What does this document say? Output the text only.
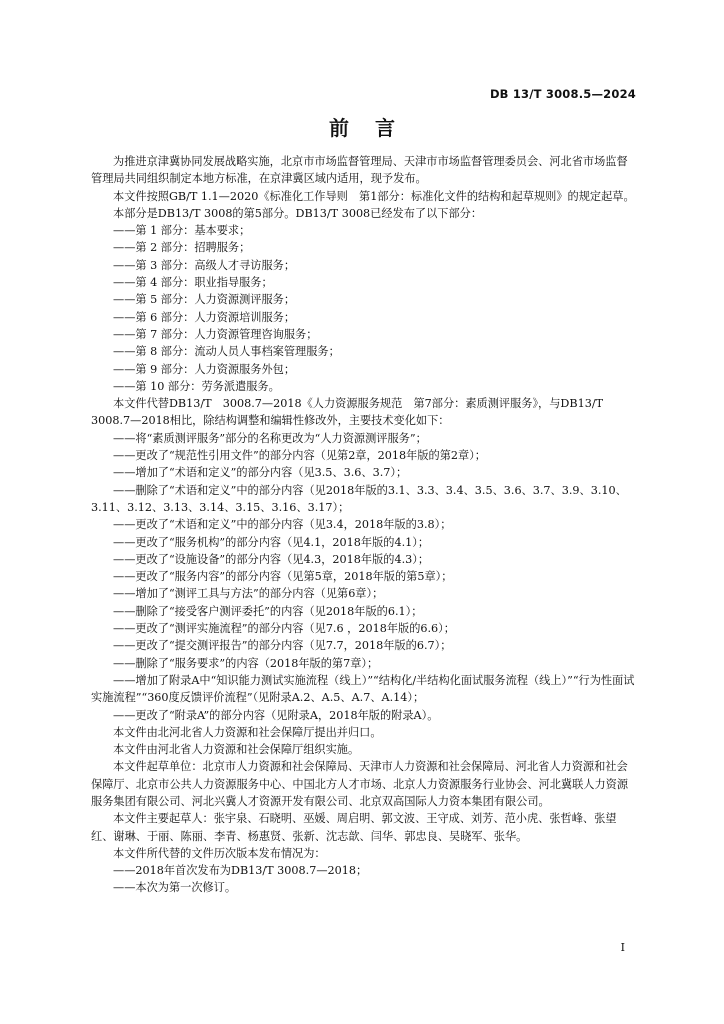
DB 13/T 3008.5—2024
前言

为推进京津冀协同发展战略实施，北京市市场监督管理局、天津市市场监督管理委员会、河北省市场监督管理局共同组织制定本地方标准，在京津冀区域内适用，现予发布。

本文件按照GB/T 1.1—2020《标准化工作导则　第1部分：标准化文件的结构和起草规则》的规定起草。

本部分是DB13/T 3008的第5部分。DB13/T 3008已经发布了以下部分：

——第 1 部分：基本要求；

——第 2 部分：招聘服务；

——第 3 部分：高级人才寻访服务；

——第 4 部分：职业指导服务；

——第 5 部分：人力资源测评服务；

——第 6 部分：人力资源培训服务；

——第 7 部分：人力资源管理咨询服务；

——第 8 部分：流动人员人事档案管理服务；

——第 9 部分：人力资源服务外包；

——第 10 部分：劳务派遣服务。

本文件代替DB13/T　3008.7—2018《人力资源服务规范　第7部分：素质测评服务》，与DB13/T　3008.7—2018相比，除结构调整和编辑性修改外，主要技术变化如下：

——将“素质测评服务”部分的名称更改为“人力资源测评服务”；

——更改了“规范性引用文件”的部分内容（见第2章，2018年版的第2章）；

——增加了“术语和定义”的部分内容（见3.5、3.6、3.7）；

——删除了“术语和定义”中的部分内容（见2018年版的3.1、3.3、3.4、3.5、3.6、3.7、3.9、3.10、3.11、3.12、3.13、3.14、3.15、3.16、3.17）；

——更改了“术语和定义”中的部分内容（见3.4，2018年版的3.8）；

——更改了“服务机构”的部分内容（见4.1，2018年版的4.1）；

——更改了“设施设备”的部分内容（见4.3，2018年版的4.3）；

——更改了“服务内容”的部分内容（见第5章，2018年版的第5章）；

——增加了“测评工具与方法”的部分内容（见第6章）；

——删除了“接受客户测评委托”的内容（见2018年版的6.1）；

——更改了“测评实施流程”的部分内容（见7.6 ，2018年版的6.6）；

——更改了“提交测评报告”的部分内容（见7.7，2018年版的6.7）；

——删除了“服务要求”的内容（2018年版的第7章）；

——增加了附录A中“知识能力测试实施流程（线上）”“结构化/半结构化面试服务流程（线上）”“行为性面试实施流程”“360度反馈评价流程”（见附录A.2、A.5、A.7、A.14）；

——更改了“附录A”的部分内容（见附录A，2018年版的附录A）。

本文件由北河北省人力资源和社会保障厅提出并归口。

本文件由河北省人力资源和社会保障厅组织实施。

本文件起草单位：北京市人力资源和社会保障局、天津市人力资源和社会保障局、河北省人力资源和社会保障厅、北京市公共人力资源服务中心、中国北方人才市场、北京人力资源服务行业协会、河北冀联人力资源服务集团有限公司、河北兴冀人才资源开发有限公司、北京双高国际人力资本集团有限公司。

本文件主要起草人：张宇泉、石晓明、巫媛、周启明、郭文波、王守成、刘芳、范小虎、张哲峰、张望红、谢琳、于丽、陈丽、李青、杨惠贤、张新、沈志歆、闫华、郭忠良、吴晓军、张华。

本文件所代替的文件历次版本发布情况为：

——2018年首次发布为DB13/T 3008.7—2018；

——本次为第一次修订。

I
